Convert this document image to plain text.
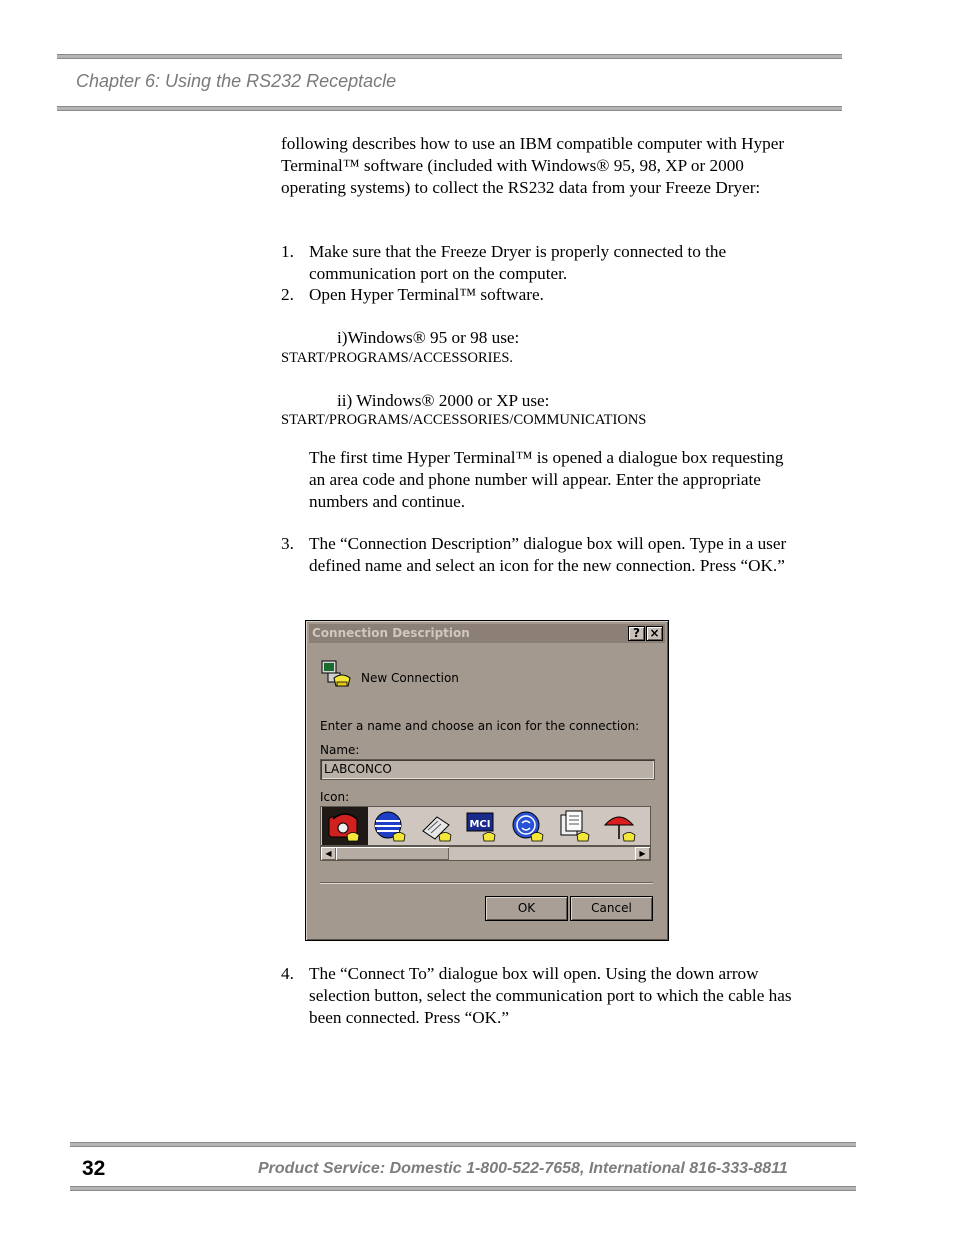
Chapter 6: Using the RS232 Receptacle
following describes how to use an IBM compatible computer with Hyper Terminal™ software (included with Windows® 95, 98, XP or 2000 operating systems) to collect the RS232 data from your Freeze Dryer:
1. Make sure that the Freeze Dryer is properly connected to the communication port on the computer.
2. Open Hyper Terminal™ software.
i)Windows® 95 or 98 use:
START/PROGRAMS/ACCESSORIES.
ii) Windows® 2000 or XP use:
START/PROGRAMS/ACCESSORIES/COMMUNICATIONS
The first time Hyper Terminal™ is opened a dialogue box requesting an area code and phone number will appear. Enter the appropriate numbers and continue.
3. The “Connection Description” dialogue box will open. Type in a user defined name and select an icon for the new connection. Press “OK.”
Connection Description	? ×
New Connection
Enter a name and choose an icon for the connection:
Name:
LABCONCO
Icon:
MCI
◀	▶
OK	Cancel
4. The “Connect To” dialogue box will open. Using the down arrow selection button, select the communication port to which the cable has been connected. Press “OK.”
32	Product Service: Domestic 1-800-522-7658, International 816-333-8811
